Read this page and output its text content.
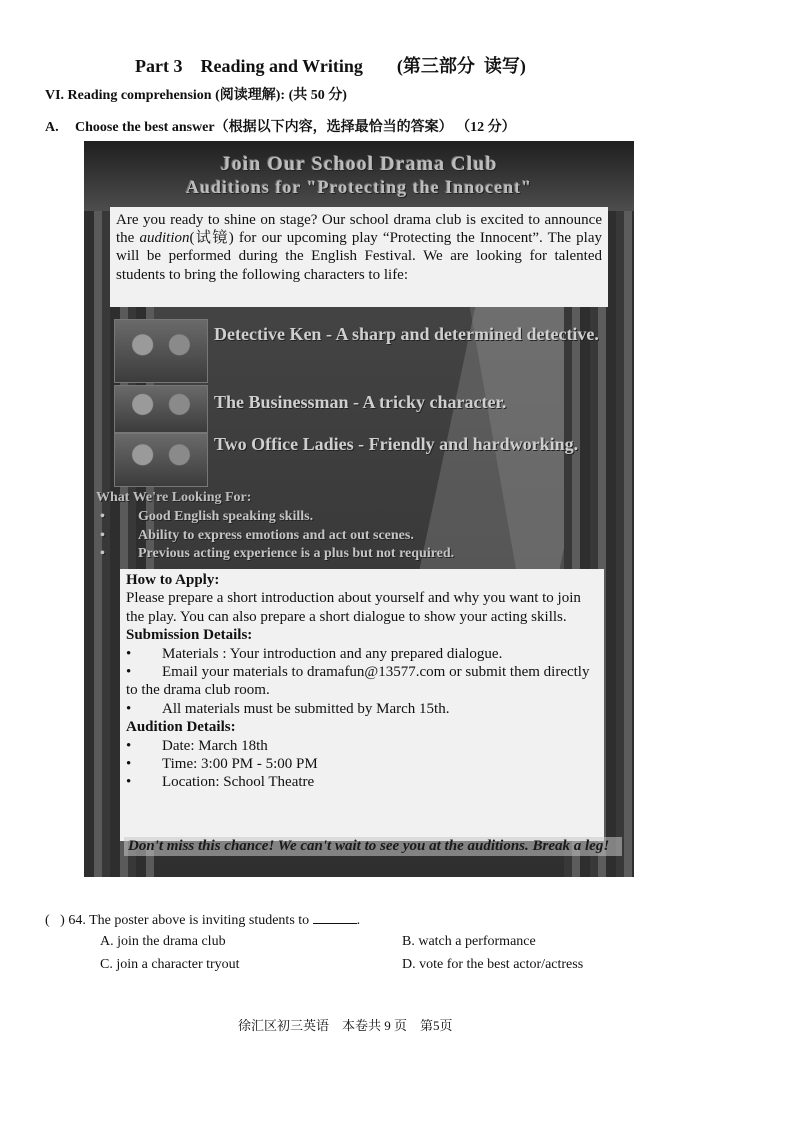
Part 3    Reading and Writing (第三部分  读写)
VI. Reading comprehension (阅读理解): (共 50 分)
A. Choose the best answer（根据以下内容，选择最恰当的答案） （12 分）
Join Our School Drama Club
Auditions for "Protecting the Innocent"
Are you ready to shine on stage? Our school drama club is excited to announce the audition(试镜) for our upcoming play “Protecting the Innocent”. The play will be performed during the English Festival. We are looking for talented students to bring the following characters to life:
Detective Ken - A sharp and determined detective.
The Businessman - A tricky character.
Two Office Ladies - Friendly and hardworking.
What We're Looking For:
• Good English speaking skills.
• Ability to express emotions and act out scenes.
• Previous acting experience is a plus but not required.
How to Apply:
Please prepare a short introduction about yourself and why you want to join the play. You can also prepare a short dialogue to show your acting skills.
Submission Details:
• Materials : Your introduction and any prepared dialogue.
• Email your materials to dramafun@13577.com or submit them directly to the drama club room.
• All materials must be submitted by March 15th.
Audition Details:
• Date: March 18th
• Time: 3:00 PM - 5:00 PM
• Location: School Theatre
Don't miss this chance! We can't wait to see you at the auditions. Break a leg!
(   ) 64. The poster above is inviting students to	.
A. join the drama club	B. watch a performance
C. join a character tryout	D. vote for the best actor/actress
徐汇区初三英语    本卷共 9 页    第5页
